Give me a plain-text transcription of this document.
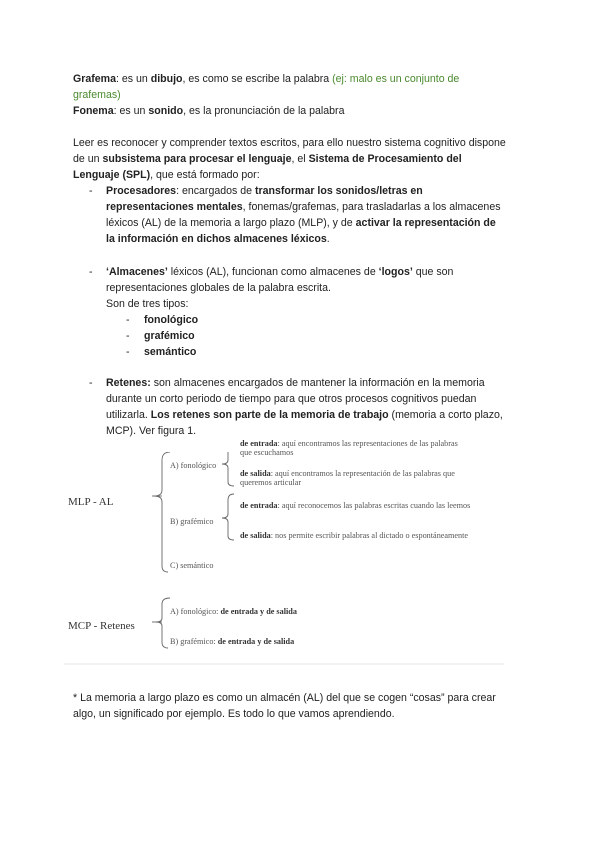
Grafema: es un dibujo, es como se escribe la palabra (ej: malo es un conjunto de
grafemas)
Fonema: es un sonido, es la pronunciación de la palabra
Leer es reconocer y comprender textos escritos, para ello nuestro sistema cognitivo dispone
de un subsistema para procesar el lenguaje, el Sistema de Procesamiento del
Lenguaje (SPL), que está formado por:
- Procesadores: encargados de transformar los sonidos/letras en
representaciones mentales, fonemas/grafemas, para trasladarlas a los almacenes
léxicos (AL) de la memoria a largo plazo (MLP), y de activar la representación de
la información en dichos almacenes léxicos.
- ‘Almacenes’ léxicos (AL), funcionan como almacenes de ‘logos’ que son
representaciones globales de la palabra escrita.
Son de tres tipos:
- fonológico
- grafémico
- semántico
- Retenes: son almacenes encargados de mantener la información en la memoria
durante un corto periodo de tiempo para que otros procesos cognitivos puedan
utilizarla. Los retenes son parte de la memoria de trabajo (memoria a corto plazo,
MCP). Ver figura 1.
MLP - AL
A) fonológico
de entrada: aquí encontramos las representaciones de las palabras
que escuchamos
de salida: aquí encontramos la representación de las palabras que
queremos articular
B) grafémico
de entrada: aquí reconocemos las palabras escritas cuando las leemos
de salida: nos permite escribir palabras al dictado o espontáneamente
C) semántico
MCP - Retenes
A) fonológico: de entrada y de salida
B) grafémico: de entrada y de salida
* La memoria a largo plazo es como un almacén (AL) del que se cogen “cosas” para crear
algo, un significado por ejemplo. Es todo lo que vamos aprendiendo.
